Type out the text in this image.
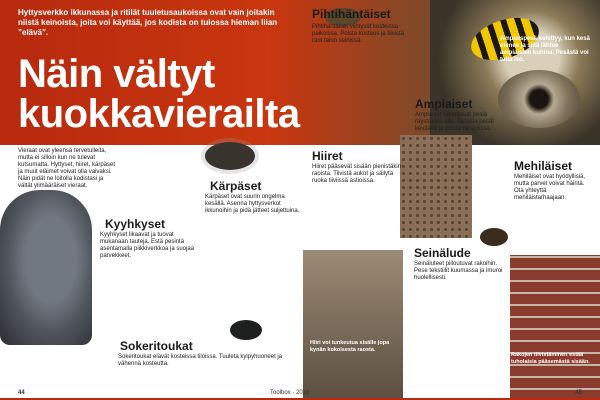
Hyttysverkko ikkunassa ja ritilät tuuletusaukoissa ovat vain joitakin niistä keinoista, joita voi käyttää, jos kodista on tulossa hieman liian ”elävä”.

Näin vältyt kuokkavierailta
Ampiaispesä kehittyy, kun kesä etenee ja siitä lähtee ampiaisten kuhina. Pesästä voi tulla iso.
Vieraat ovat yleensä tervetulleita, mutta ei silloin kun ne tulevat kutsumatta. Hyttyset, hiiret, kärpäset ja muut eläimet voivat olla vaivaksi. Näin pidät ne loitolla kodistasi ja vältät ylimääräiset vieraat.
Hiiri voi tunkeutua sisälle jopa kynän kokoisesta raosta.
Rakojen tiivistäminen estää tuholaisia pääsemästä sisään.
Kyyhkyset
Kyyhkyset likaavat ja tuovat mukanaan tauteja. Estä pesintä asentamalla piikkiverkkoa ja suojaa parvekkeet.
Kärpäset
Kärpäset ovat suurin ongelma kesällä. Asenna hyttysverkot ikkunoihin ja pidä jätteet suljettuina.
Pihtihäntäiset
Pihtihäntäiset viihtyvät kosteissa paikoissa. Poista kosteus ja tiivistä raot talon seinissä.
Hiiret
Hiiret pääsevät sisään pienistäkin raoista. Tiivistä aukot ja säilytä ruoka tiiviissä astioissa.
Ampiaiset
Ampiaiset rakentavat pesiä räystäiden alle. Tarkista pesät keväällä ja poista ne ajoissa.
Mehiläiset
Mehiläiset ovat hyödyllisiä, mutta parvet voivat häiritä. Ota yhteyttä mehiläistarhaajaan.
Sokeritoukat
Sokeritoukat elävät kosteissa tiloissa. Tuuleta kylpyhuoneet ja vähennä kosteutta.
Seinälude
Seinäluteet piiloutuvat rakoihin. Pese tekstiilit kuumassa ja imuroi huolellisesti.
44	Toolbox · 2016	45
